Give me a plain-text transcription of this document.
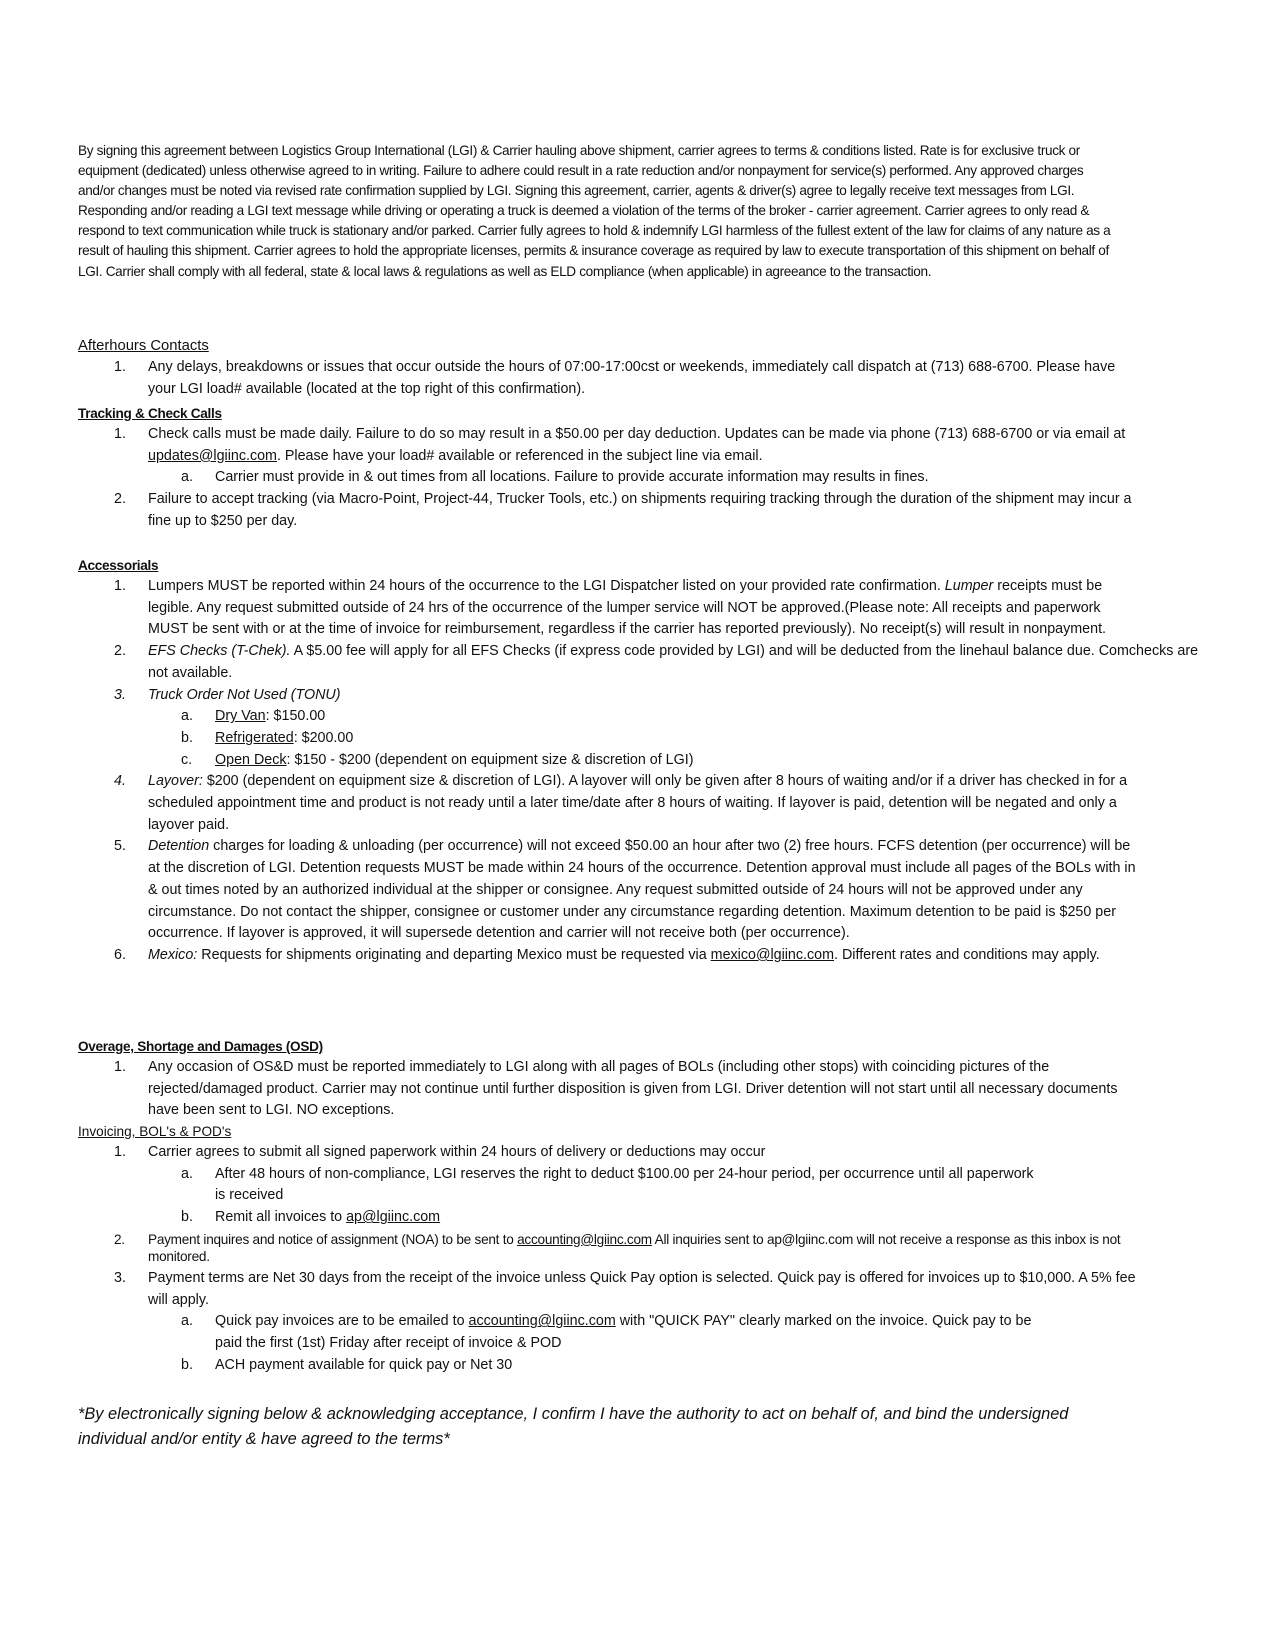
By signing this agreement between Logistics Group International (LGI) & Carrier hauling above shipment, carrier agrees to terms & conditions listed. Rate is for exclusive truck or equipment (dedicated) unless otherwise agreed to in writing. Failure to adhere could result in a rate reduction and/or nonpayment for service(s) performed. Any approved charges and/or changes must be noted via revised rate confirmation supplied by LGI. Signing this agreement, carrier, agents & driver(s) agree to legally receive text messages from LGI. Responding and/or reading a LGI text message while driving or operating a truck is deemed a violation of the terms of the broker - carrier agreement. Carrier agrees to only read & respond to text communication while truck is stationary and/or parked. Carrier fully agrees to hold & indemnify LGI harmless of the fullest extent of the law for claims of any nature as a result of hauling this shipment. Carrier agrees to hold the appropriate licenses, permits & insurance coverage as required by law to execute transportation of this shipment on behalf of LGI. Carrier shall comply with all federal, state & local laws & regulations as well as ELD compliance (when applicable) in agreeance to the transaction.

Afterhours Contacts

1.	Any delays, breakdowns or issues that occur outside the hours of 07:00-17:00cst or weekends, immediately call dispatch at (713) 688-6700. Please have your LGI load# available (located at the top right of this confirmation).

Tracking & Check Calls

1.	Check calls must be made daily. Failure to do so may result in a $50.00 per day deduction. Updates can be made via phone (713) 688-6700 or via email at updates@lgiinc.com. Please have your load# available or referenced in the subject line via email.

a. Carrier must provide in & out times from all locations. Failure to provide accurate information may results in fines.

2.	Failure to accept tracking (via Macro-Point, Project-44, Trucker Tools, etc.) on shipments requiring tracking through the duration of the shipment may incur a fine up to $250 per day.

Accessorials

1.	Lumpers MUST be reported within 24 hours of the occurrence to the LGI Dispatcher listed on your provided rate confirmation. Lumper receipts must be legible. Any request submitted outside of 24 hrs of the occurrence of the lumper service will NOT be approved.(Please note: All receipts and paperwork MUST be sent with or at the time of invoice for reimbursement, regardless if the carrier has reported previously). No receipt(s) will result in nonpayment.

2.	EFS Checks (T-Chek). A $5.00 fee will apply for all EFS Checks (if express code provided by LGI) and will be deducted from the linehaul balance due. Comchecks are not available.

3.	Truck Order Not Used (TONU)

a. Dry Van: $150.00

b. Refrigerated: $200.00

c. Open Deck: $150 - $200 (dependent on equipment size & discretion of LGI)

4.	Layover: $200 (dependent on equipment size & discretion of LGI). A layover will only be given after 8 hours of waiting and/or if a driver has checked in for a scheduled appointment time and product is not ready until a later time/date after 8 hours of waiting. If layover is paid, detention will be negated and only a layover paid.

5.	Detention charges for loading & unloading (per occurrence) will not exceed $50.00 an hour after two (2) free hours. FCFS detention (per occurrence) will be at the discretion of LGI. Detention requests MUST be made within 24 hours of the occurrence. Detention approval must include all pages of the BOLs with in & out times noted by an authorized individual at the shipper or consignee. Any request submitted outside of 24 hours will not be approved under any circumstance. Do not contact the shipper, consignee or customer under any circumstance regarding detention. Maximum detention to be paid is $250 per occurrence. If layover is approved, it will supersede detention and carrier will not receive both (per occurrence).

6.	Mexico: Requests for shipments originating and departing Mexico must be requested via mexico@lgiinc.com. Different rates and conditions may apply.

Overage, Shortage and Damages (OSD)

1.	Any occasion of OS&D must be reported immediately to LGI along with all pages of BOLs (including other stops) with coinciding pictures of the rejected/damaged product. Carrier may not continue until further disposition is given from LGI. Driver detention will not start until all necessary documents have been sent to LGI. NO exceptions.

Invoicing, BOL's & POD's

1.	Carrier agrees to submit all signed paperwork within 24 hours of delivery or deductions may occur

a. After 48 hours of non-compliance, LGI reserves the right to deduct $100.00 per 24-hour period, per occurrence until all paperwork is received

b. Remit all invoices to ap@lgiinc.com

2.	Payment inquires and notice of assignment (NOA) to be sent to accounting@lgiinc.com All inquiries sent to ap@lgiinc.com will not receive a response as this inbox is not monitored.

3.	Payment terms are Net 30 days from the receipt of the invoice unless Quick Pay option is selected. Quick pay is offered for invoices up to $10,000. A 5% fee will apply.

a. Quick pay invoices are to be emailed to accounting@lgiinc.com with "QUICK PAY" clearly marked on the invoice. Quick pay to be paid the first (1st) Friday after receipt of invoice & POD

b. ACH payment available for quick pay or Net 30

*By electronically signing below & acknowledging acceptance, I confirm I have the authority to act on behalf of, and bind the undersigned individual and/or entity & have agreed to the terms*
